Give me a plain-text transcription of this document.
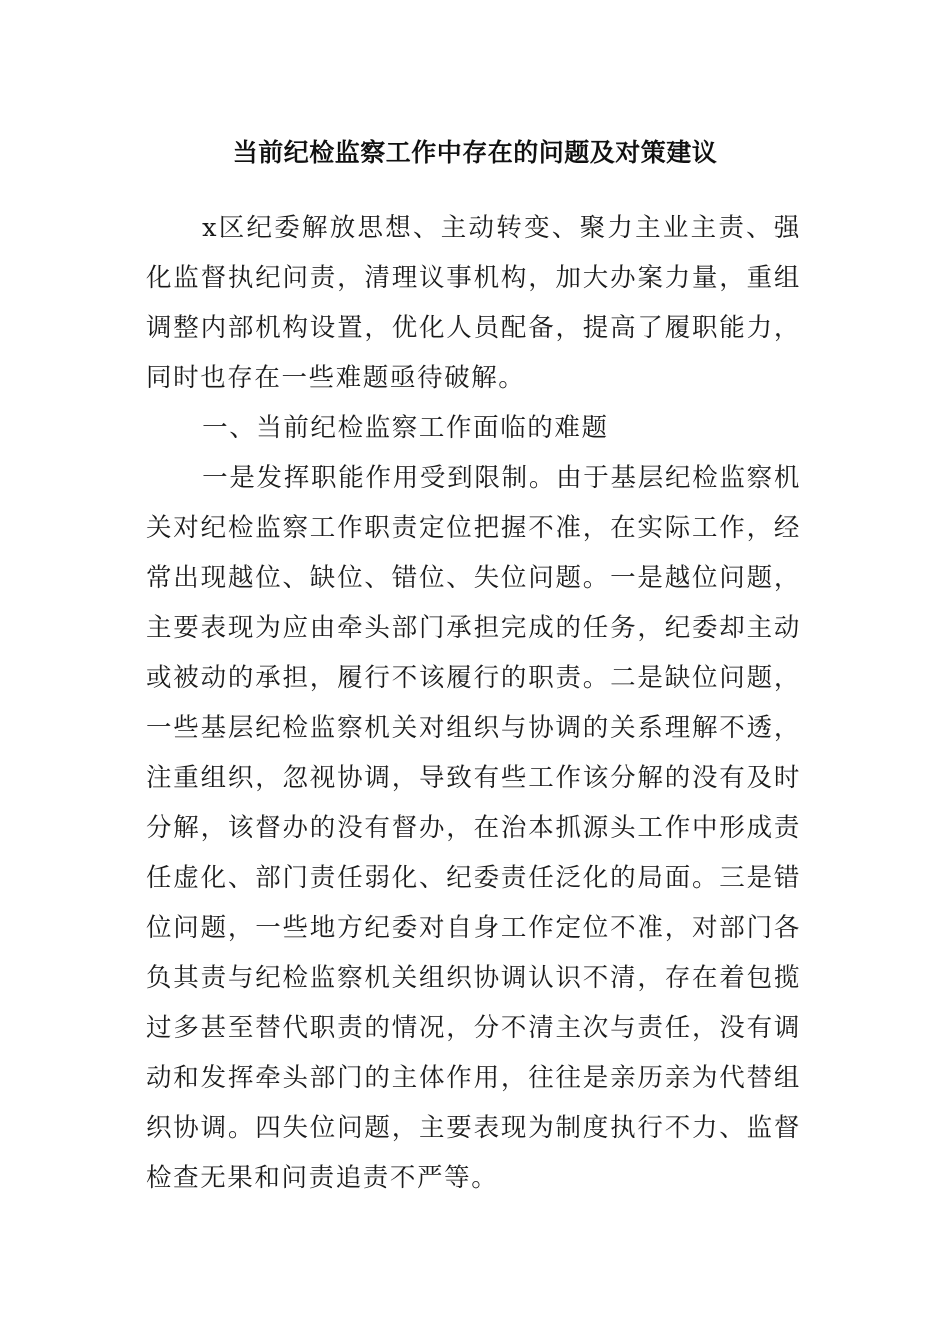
当前纪检监察工作中存在的问题及对策建议

x区纪委解放思想、主动转变、聚力主业主责、强化监督执纪问责，清理议事机构，加大办案力量，重组调整内部机构设置，优化人员配备，提高了履职能力，同时也存在一些难题亟待破解。

一、当前纪检监察工作面临的难题

一是发挥职能作用受到限制。由于基层纪检监察机关对纪检监察工作职责定位把握不准，在实际工作，经常出现越位、缺位、错位、失位问题。一是越位问题，主要表现为应由牵头部门承担完成的任务，纪委却主动或被动的承担，履行不该履行的职责。二是缺位问题，一些基层纪检监察机关对组织与协调的关系理解不透，注重组织，忽视协调，导致有些工作该分解的没有及时分解，该督办的没有督办，在治本抓源头工作中形成责任虚化、部门责任弱化、纪委责任泛化的局面。三是错位问题，一些地方纪委对自身工作定位不准，对部门各负其责与纪检监察机关组织协调认识不清，存在着包揽过多甚至替代职责的情况，分不清主次与责任，没有调动和发挥牵头部门的主体作用，往往是亲历亲为代替组织协调。四失位问题，主要表现为制度执行不力、监督检查无果和问责追责不严等。
